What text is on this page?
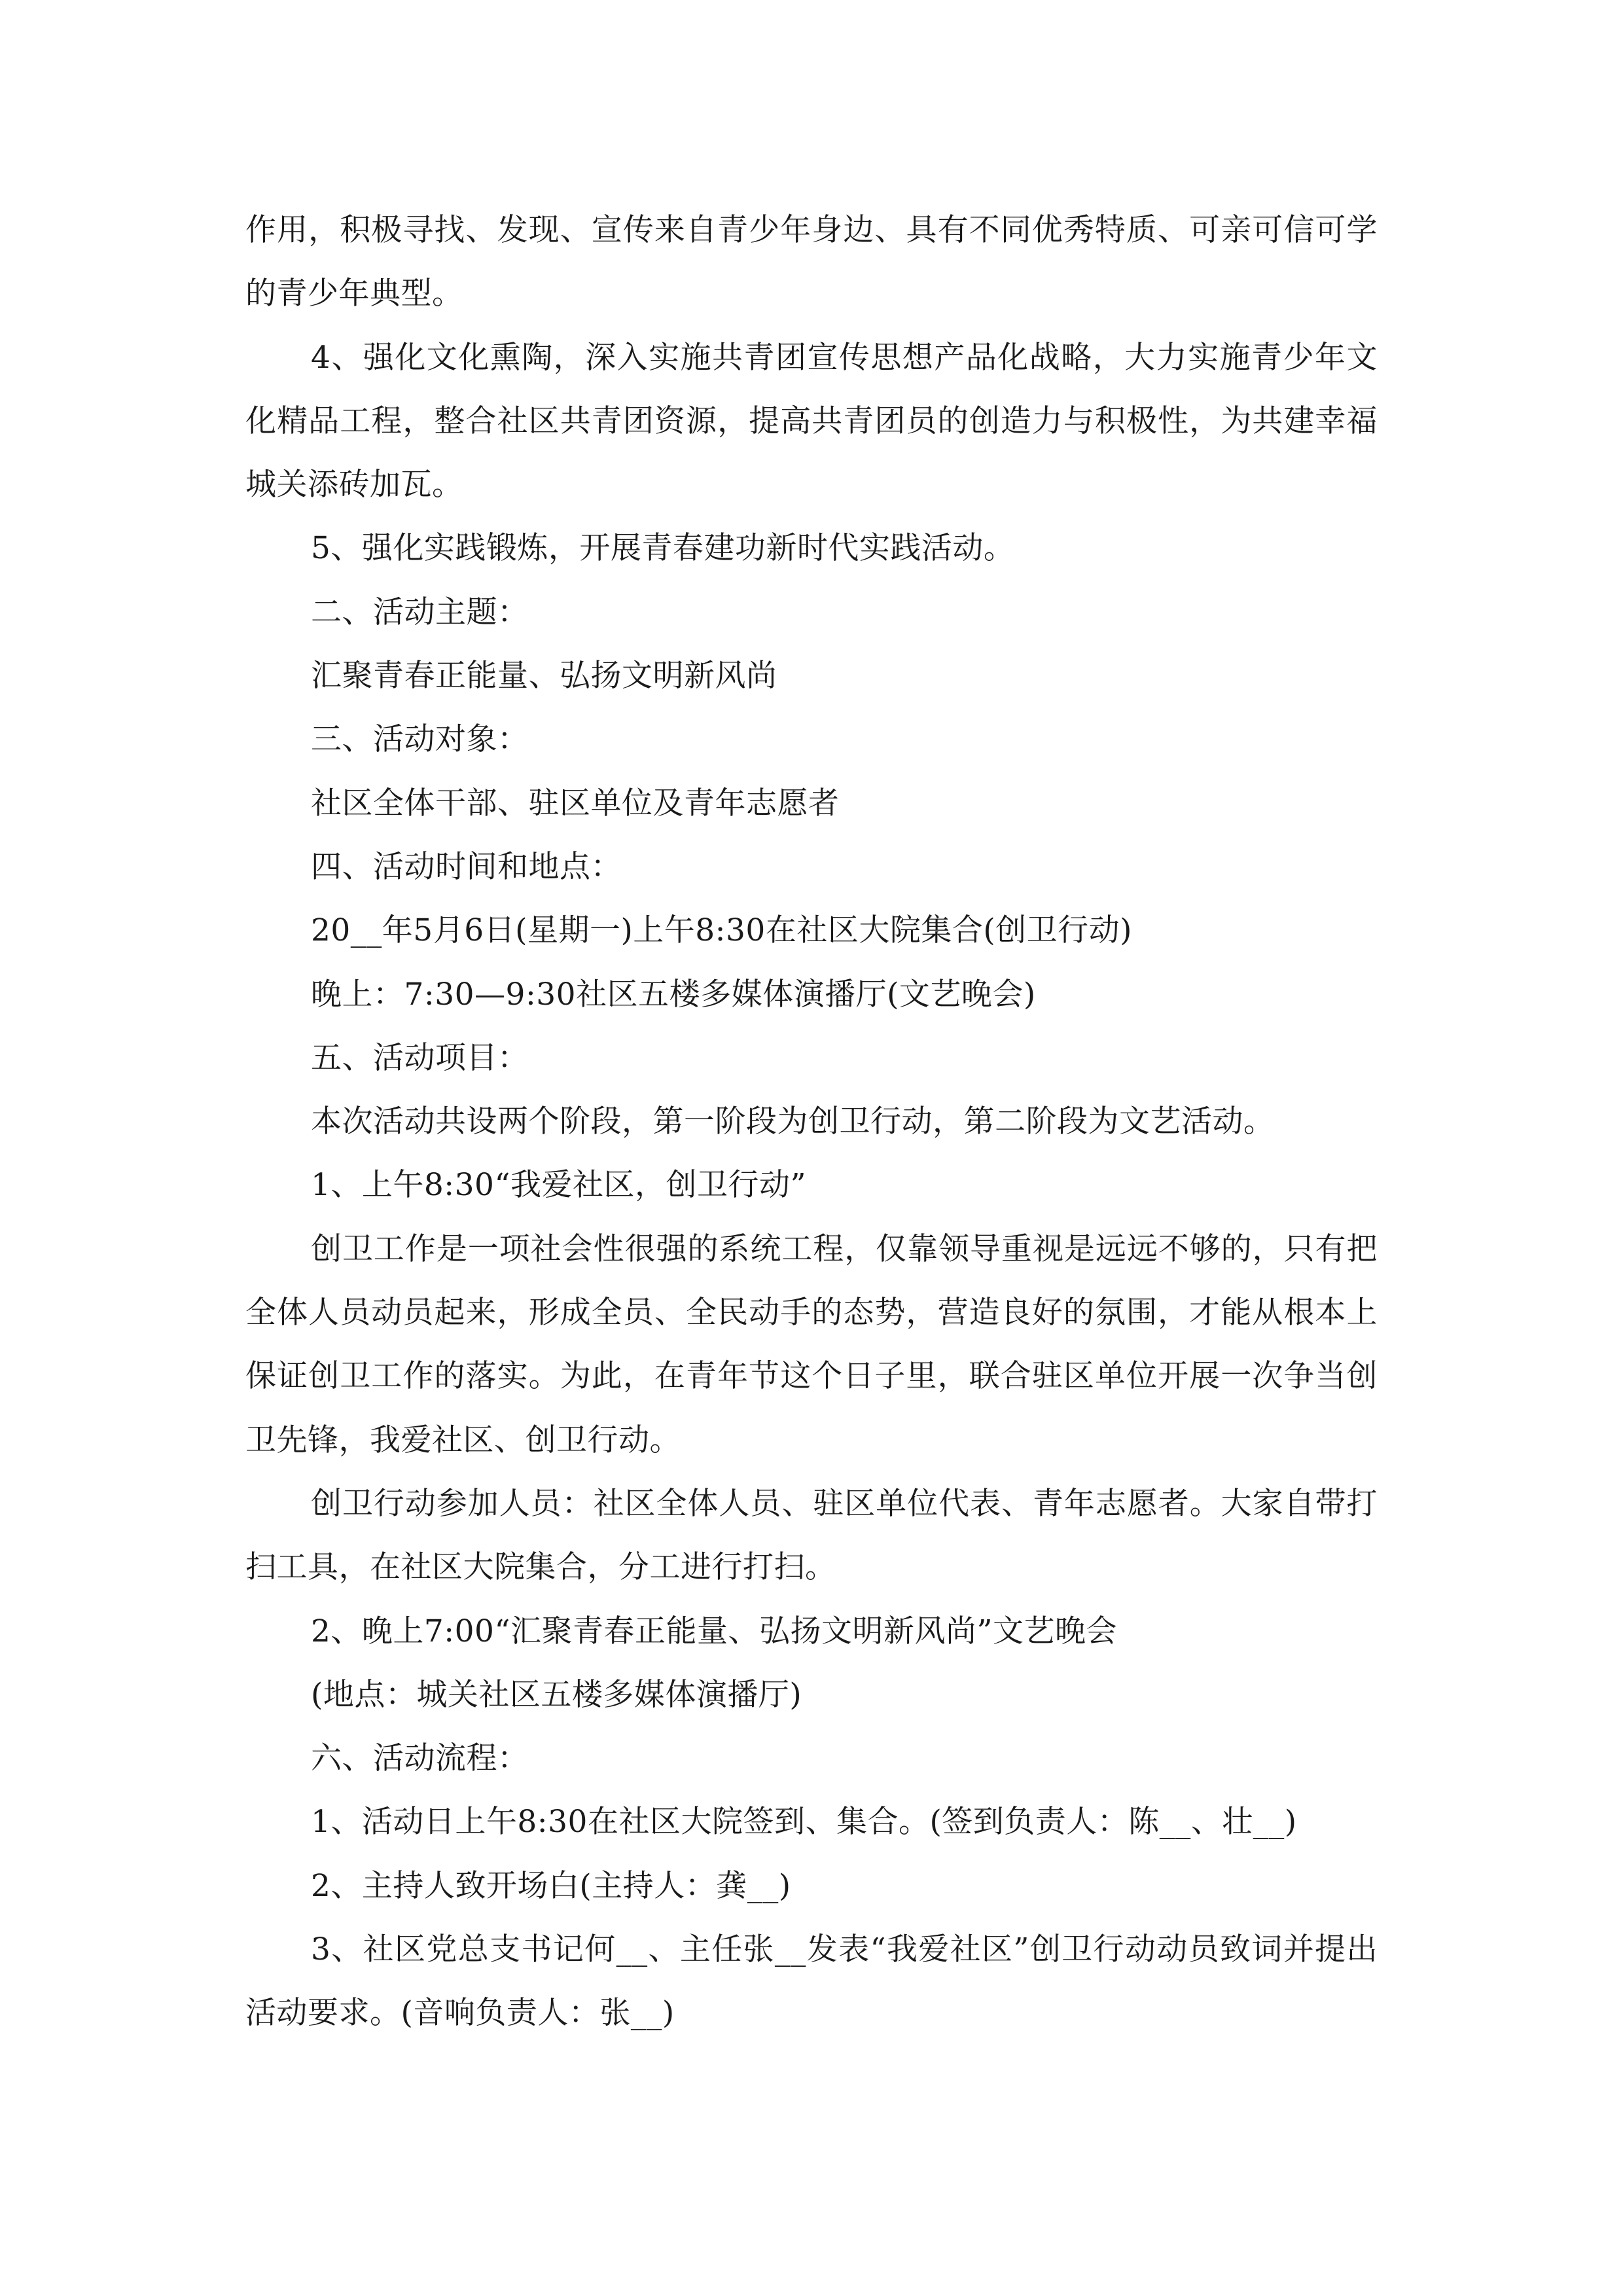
作用，积极寻找、发现、宣传来自青少年身边、具有不同优秀特质、可亲可信可学的青少年典型。

4、强化文化熏陶，深入实施共青团宣传思想产品化战略，大力实施青少年文化精品工程，整合社区共青团资源，提高共青团员的创造力与积极性，为共建幸福城关添砖加瓦。

5、强化实践锻炼，开展青春建功新时代实践活动。

二、活动主题：

汇聚青春正能量、弘扬文明新风尚

三、活动对象：

社区全体干部、驻区单位及青年志愿者

四、活动时间和地点：

20__年5月6日(星期一)上午8:30在社区大院集合(创卫行动)

晚上：7:30—9:30社区五楼多媒体演播厅(文艺晚会)

五、活动项目：

本次活动共设两个阶段，第一阶段为创卫行动，第二阶段为文艺活动。

1、上午8:30“我爱社区，创卫行动”

创卫工作是一项社会性很强的系统工程，仅靠领导重视是远远不够的，只有把全体人员动员起来，形成全员、全民动手的态势，营造良好的氛围，才能从根本上保证创卫工作的落实。为此，在青年节这个日子里，联合驻区单位开展一次争当创卫先锋，我爱社区、创卫行动。

创卫行动参加人员：社区全体人员、驻区单位代表、青年志愿者。大家自带打扫工具，在社区大院集合，分工进行打扫。

2、晚上7:00“汇聚青春正能量、弘扬文明新风尚”文艺晚会

(地点：城关社区五楼多媒体演播厅)

六、活动流程：

1、活动日上午8:30在社区大院签到、集合。(签到负责人：陈__、壮__)

2、主持人致开场白(主持人：龚__)

3、社区党总支书记何__、主任张__发表“我爱社区”创卫行动动员致词并提出活动要求。(音响负责人：张__)
